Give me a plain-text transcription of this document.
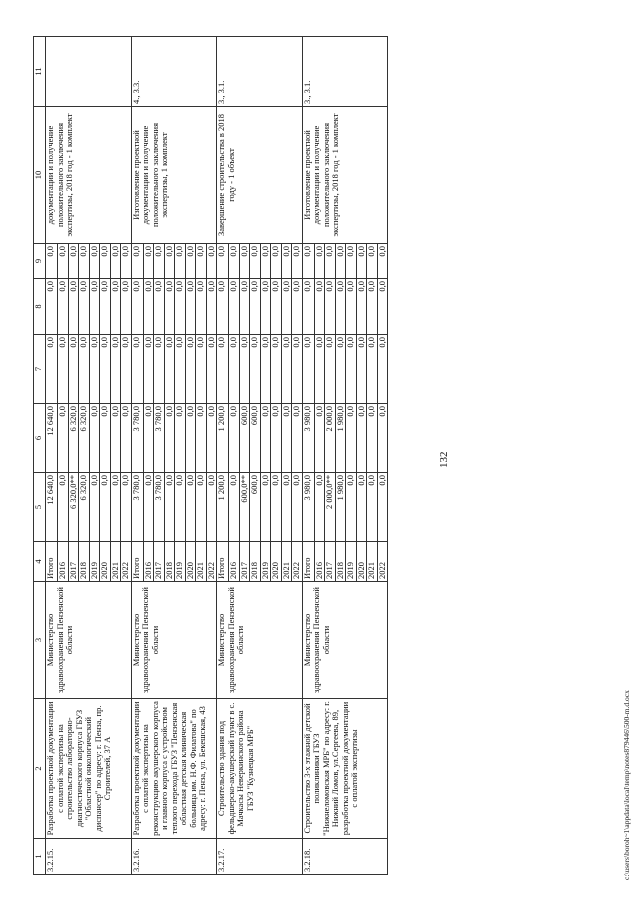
132
1	2	3	4	5	6	7	8	9	10	11
3.2.15.	Разработка проектной документации с оплатой экспертизы на строительство лабораторно-диагностического корпуса ГБУЗ "Областной онкологический диспансер" по адресу: г. Пенза, пр. Строителей, 37 А	Министерство здравоохранения Пензенской области	Итого	12 640,0	12 640,0	0,0	0,0	0,0	документации и получение положительного заключения экспертизы, 2018 год - 1 комплект	
			2016	0,0	0,0	0,0	0,0	0,0		
			2017	6 320,0**	6 320,0	0,0	0,0	0,0		
			2018	6 320,0	6 320,0	0,0	0,0	0,0		
			2019	0,0	0,0	0,0	0,0	0,0		
			2020	0,0	0,0	0,0	0,0	0,0		
			2021	0,0	0,0	0,0	0,0	0,0		
			2022	0,0	0,0	0,0	0,0	0,0		
3.2.16.	Разработка проектной документации с оплатой экспертизы на реконструкцию акушерского корпуса и главного корпуса с устройством теплого перехода ГБУЗ "Пензенская областная детская клиническая больница им. Н.Ф. Филатова" по адресу: г. Пенза, ул. Бекешская, 43	Министерство здравоохранения Пензенской области	Итого	3 780,0	3 780,0	0,0	0,0	0,0	Изготовление проектной документации и получение положительного заключения экспертизы, 1 комплект	4., 3.3.
			2016	0,0	0,0	0,0	0,0	0,0		
			2017	3 780,0	3 780,0	0,0	0,0	0,0		
			2018	0,0	0,0	0,0	0,0	0,0		
			2019	0,0	0,0	0,0	0,0	0,0		
			2020	0,0	0,0	0,0	0,0	0,0		
			2021	0,0	0,0	0,0	0,0	0,0		
			2022	0,0	0,0	0,0	0,0	0,0		
3.2.17.	Строительство здания под фельдшерско-акушерский пункт в с. Мачкасы Неверкинского района ГБУЗ "Кузнецкая МРБ"	Министерство здравоохранения Пензенской области	Итого	1 200,0	1 200,0	0,0	0,0	0,0	Завершение строительства в 2018 году - 1 объект	3., 3.1.
			2016	0,0	0,0	0,0	0,0	0,0		
			2017	600,0**	600,0	0,0	0,0	0,0		
			2018	600,0	600,0	0,0	0,0	0,0		
			2019	0,0	0,0	0,0	0,0	0,0		
			2020	0,0	0,0	0,0	0,0	0,0		
			2021	0,0	0,0	0,0	0,0	0,0		
			2022	0,0	0,0	0,0	0,0	0,0		
3.2.18.	Строительство 3-х этажной детской поликлиники ГБУЗ "Нижнеломовская МРБ" по адресу: г. Нижний Ломов, ул.Сергеева, 89, разработка проектной документации с оплатой экспертизы	Министерство здравоохранения Пензенской области	Итого	3 980,0	3 980,0	0,0	0,0	0,0	Изготовление проектной документации и получение положительного заключения экспертизы, 2018 год - 1 комплект	3., 3.1.
			2016	0,0	0,0	0,0	0,0	0,0		
			2017	2 000,0**	2 000,0	0,0	0,0	0,0		
			2018	1 980,0	1 980,0	0,0	0,0	0,0		
			2019	0,0	0,0	0,0	0,0	0,0		
			2020	0,0	0,0	0,0	0,0	0,0		
			2021	0,0	0,0	0,0	0,0	0,0		
			2022	0,0	0,0	0,0	0,0	0,0		
c:\users\boroh~1\appdata\local\temp\notes879446\500-m.d.ocx
